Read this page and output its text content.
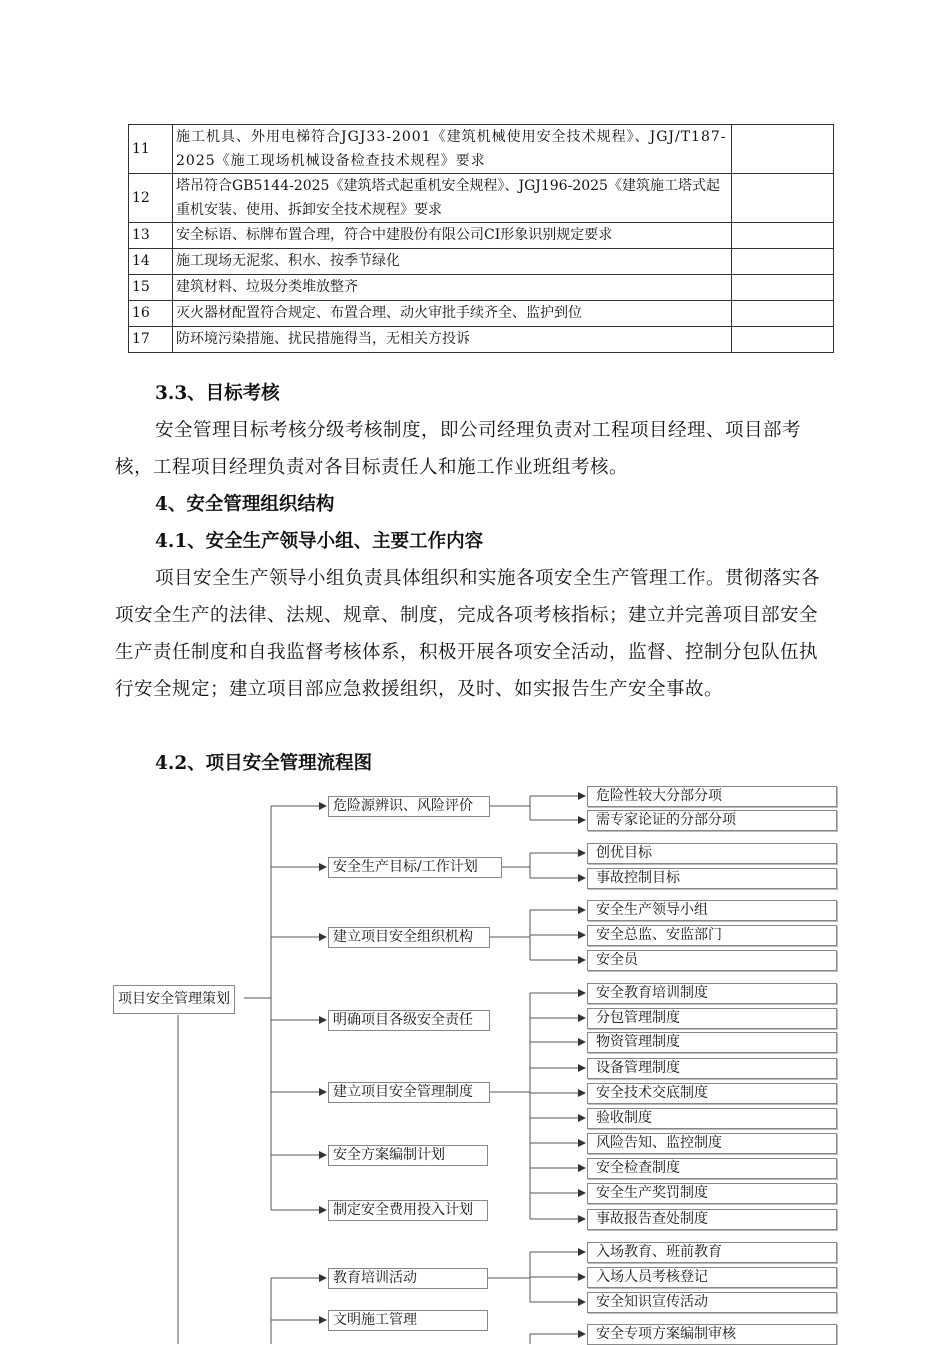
11	施工机具、外用电梯符合JGJ33-2001《建筑机械使用安全技术规程》、JGJ/T187-2025《施工现场机械设备检查技术规程》要求	
12	塔吊符合GB5144-2025《建筑塔式起重机安全规程》、JGJ196-2025《建筑施工塔式起重机安装、使用、拆卸安全技术规程》要求	
13	安全标语、标牌布置合理，符合中建股份有限公司CI形象识别规定要求	
14	施工现场无泥浆、积水、按季节绿化	
15	建筑材料、垃圾分类堆放整齐	
16	灭火器材配置符合规定、布置合理、动火审批手续齐全、监护到位	
17	防环境污染措施、扰民措施得当，无相关方投诉	
3.3、目标考核
安全管理目标考核分级考核制度，即公司经理负责对工程项目经理、项目部考核，工程项目经理负责对各目标责任人和施工作业班组考核。
4、安全管理组织结构
4.1、安全生产领导小组、主要工作内容
项目安全生产领导小组负责具体组织和实施各项安全生产管理工作。贯彻落实各项安全生产的法律、法规、规章、制度，完成各项考核指标；建立并完善项目部安全生产责任制度和自我监督考核体系，积极开展各项安全活动，监督、控制分包队伍执行安全规定；建立项目部应急救援组织，及时、如实报告生产安全事故。
4.2、项目安全管理流程图
项目安全管理策划
危险源辨识、风险评价
安全生产目标/工作计划
建立项目安全组织机构
明确项目各级安全责任
建立项目安全管理制度
安全方案编制计划
制定安全费用投入计划
教育培训活动
文明施工管理
危险性较大分部分项
需专家论证的分部分项
创优目标
事故控制目标
安全生产领导小组
安全总监、安监部门
安全员
安全教育培训制度
分包管理制度
物资管理制度
设备管理制度
安全技术交底制度
验收制度
风险告知、监控制度
安全检查制度
安全生产奖罚制度
事故报告查处制度
入场教育、班前教育
入场人员考核登记
安全知识宣传活动
安全专项方案编制审核
